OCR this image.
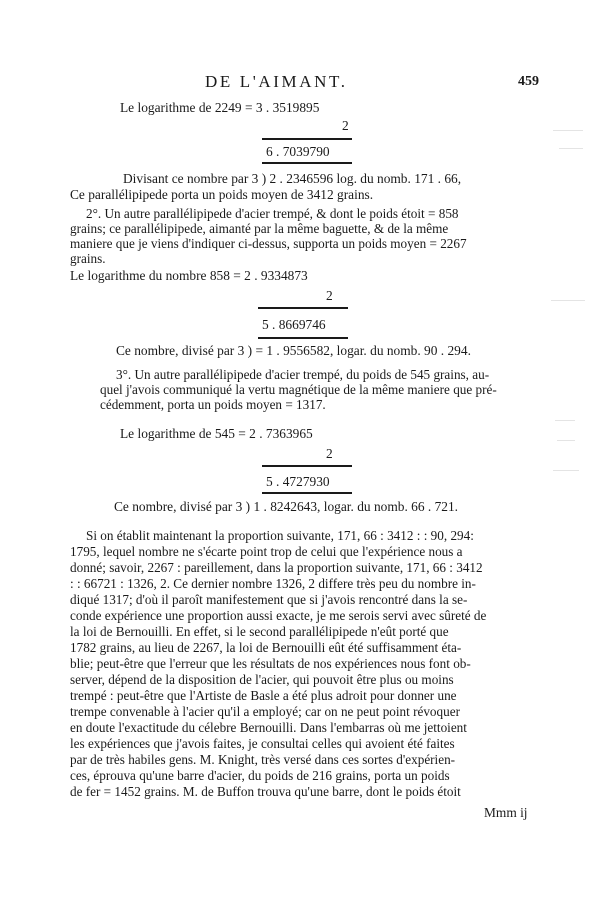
DE L'AIMANT.	459
Le logarithme de 2249 = 3 . 3519895
2
6 . 7039790
Divisant ce nombre par 3 ) 2 . 2346596 log. du nomb. 171 . 66,
Ce parallélipipede porta un poids moyen de 3412 grains.
2°. Un autre parallélipipede d'acier trempé, & dont le poids étoit = 858
grains; ce parallélipipede, aimanté par la même baguette, & de la même
maniere que je viens d'indiquer ci-dessus, supporta un poids moyen = 2267
grains.
Le logarithme du nombre 858 = 2 . 9334873
2
5 . 8669746
Ce nombre, divisé par 3 ) = 1 . 9556582, logar. du nomb. 90 . 294.
3°. Un autre parallélipipede d'acier trempé, du poids de 545 grains, au-
quel j'avois communiqué la vertu magnétique de la même maniere que pré-
cédemment, porta un poids moyen = 1317.
Le logarithme de 545 = 2 . 7363965
2
5 . 4727930
Ce nombre, divisé par 3 ) 1 . 8242643, logar. du nomb. 66 . 721.
Si on établit maintenant la proportion suivante, 171, 66 : 3412 : : 90, 294:
1795, lequel nombre ne s'écarte point trop de celui que l'expérience nous a
donné; savoir, 2267 : pareillement, dans la proportion suivante, 171, 66 : 3412
: : 66721 : 1326, 2. Ce dernier nombre 1326, 2 differe très peu du nombre in-
diqué 1317; d'où il paroît manifestement que si j'avois rencontré dans la se-
conde expérience une proportion aussi exacte, je me serois servi avec sûreté de
la loi de Bernouilli. En effet, si le second parallélipipede n'eût porté que
1782 grains, au lieu de 2267, la loi de Bernouilli eût été suffisamment éta-
blie; peut-être que l'erreur que les résultats de nos expériences nous font ob-
server, dépend de la disposition de l'acier, qui pouvoit être plus ou moins
trempé : peut-être que l'Artiste de Basle a été plus adroit pour donner une
trempe convenable à l'acier qu'il a employé; car on ne peut point révoquer
en doute l'exactitude du célebre Bernouilli. Dans l'embarras où me jettoient
les expériences que j'avois faites, je consultai celles qui avoient été faites
par de très habiles gens. M. Knight, très versé dans ces sortes d'expérien-
ces, éprouva qu'une barre d'acier, du poids de 216 grains, porta un poids
de fer = 1452 grains. M. de Buffon trouva qu'une barre, dont le poids étoit
Mmm ij
